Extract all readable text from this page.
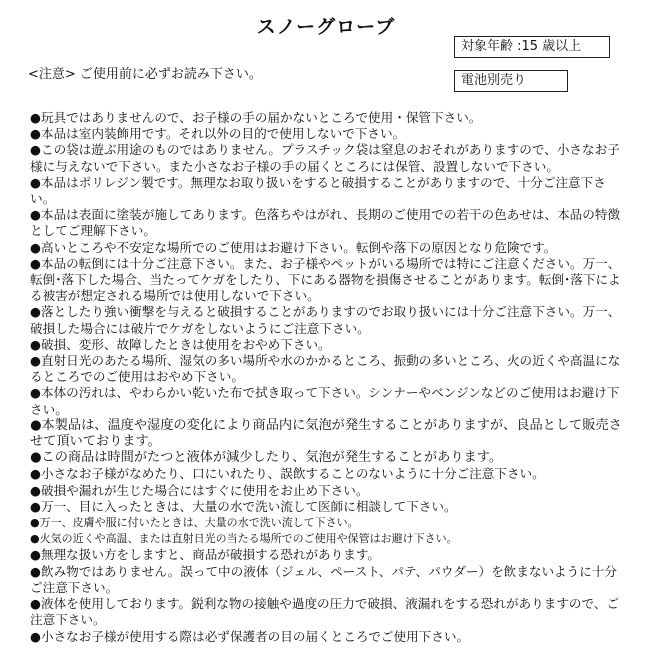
スノーグローブ
対象年齢 :15 歳以上
電池別売り
<注意> ご使用前に必ずお読み下さい。
●玩具ではありませんので、お子様の手の届かないところで使用・保管下さい。
●本品は室内装飾用です。それ以外の目的で使用しないで下さい。
●この袋は遊ぶ用途のものではありません。プラスチック袋は窒息のおそれがありますので、小さなお子様に与えないで下さい。また小さなお子様の手の届くところには保管、設置しないで下さい。
●本品はポリレジン製です。無理なお取り扱いをすると破損することがありますので、十分ご注意下さい。
●本品は表面に塗装が施してあります。色落ちやはがれ、長期のご使用での若干の色あせは、本品の特徴としてご理解下さい。
●高いところや不安定な場所でのご使用はお避け下さい。転倒や落下の原因となり危険です。
●本品の転倒には十分ご注意下さい。また、お子様やペットがいる場所では特にご注意ください。万一、転倒･落下した場合、当たってケガをしたり、下にある器物を損傷させることがあります。転倒･落下による被害が想定される場所では使用しないで下さい。
●落としたり強い衝撃を与えると破損することがありますのでお取り扱いには十分ご注意下さい。万一、破損した場合には破片でケガをしないようにご注意下さい。
●破損、変形、故障したときは使用をおやめ下さい。
●直射日光のあたる場所、湿気の多い場所や水のかかるところ、振動の多いところ、火の近くや高温になるところでのご使用はおやめ下さい。
●本体の汚れは、やわらかい乾いた布で拭き取って下さい。シンナーやベンジンなどのご使用はお避け下さい。
●本製品は、温度や湿度の変化により商品内に気泡が発生することがありますが、良品として販売させて頂いております。
●この商品は時間がたつと液体が減少したり、気泡が発生することがあります。
●小さなお子様がなめたり、口にいれたり、誤飲することのないように十分ご注意下さい。
●破損や漏れが生じた場合にはすぐに使用をお止め下さい。
●万一、目に入ったときは、大量の水で洗い流して医師に相談して下さい。
●万一、皮膚や服に付いたときは、大量の水で洗い流して下さい。
●火気の近くや高温、または直射日光の当たる場所でのご使用や保管はお避け下さい。
●無理な扱い方をしますと、商品が破損する恐れがあります。
●飲み物ではありません。誤って中の液体（ジェル、ペースト、パテ、パウダー）を飲まないように十分ご注意下さい。
●液体を使用しております。鋭利な物の接触や過度の圧力で破損、液漏れをする恐れがありますので、ご注意下さい。
●小さなお子様が使用する際は必ず保護者の目の届くところでご使用下さい。
